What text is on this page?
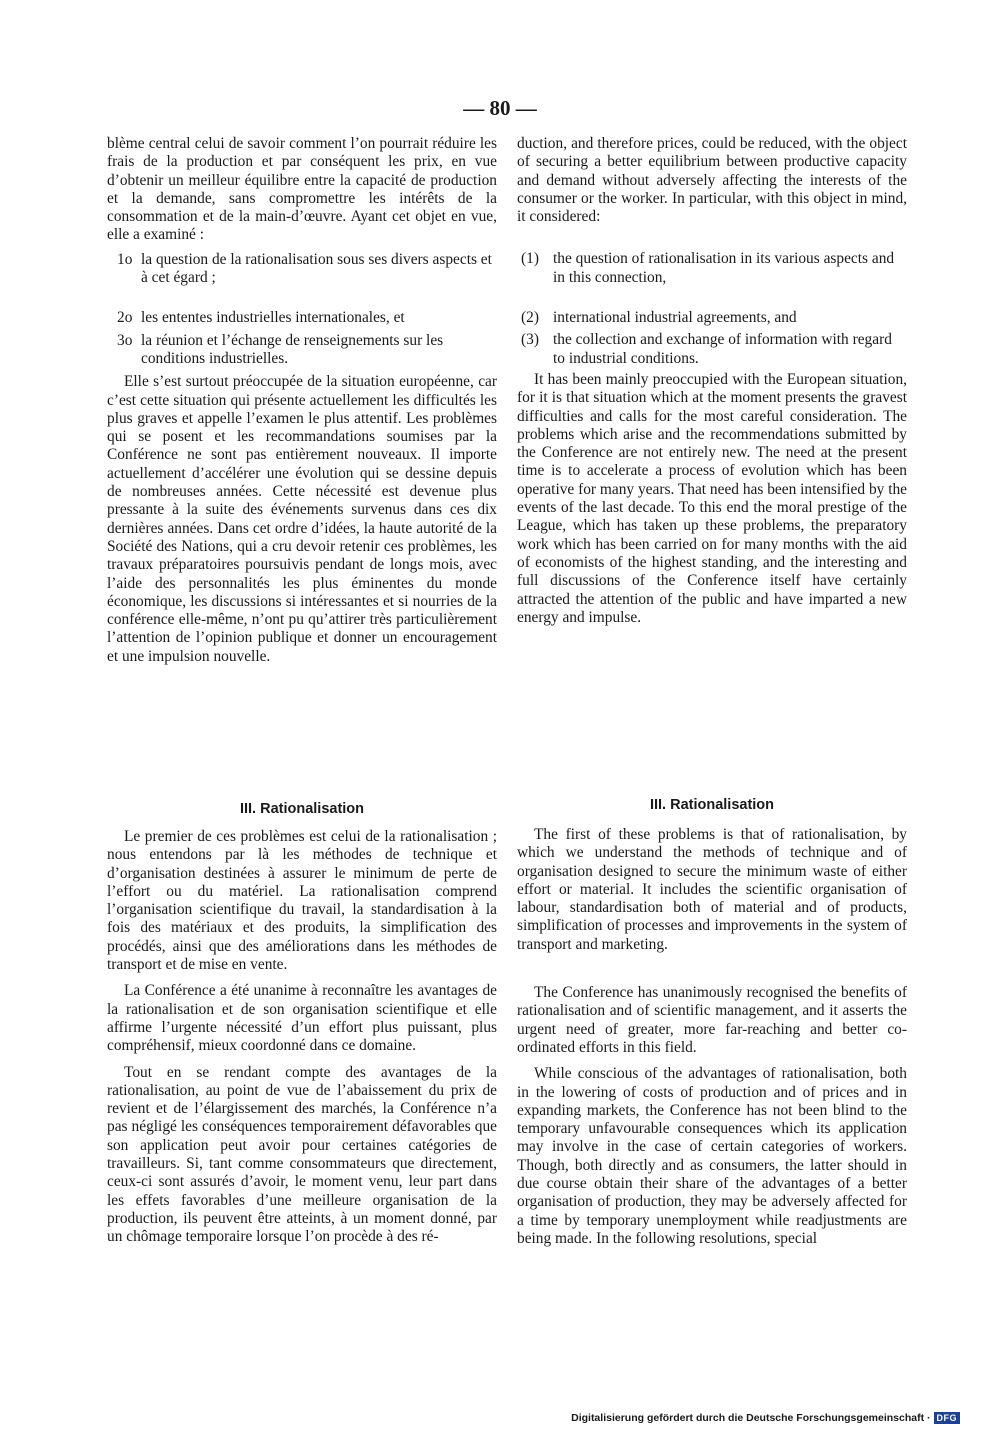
— 80 —

blème central celui de savoir comment l’on pourrait réduire les frais de la production et par conséquent les prix, en vue d’obtenir un meilleur équilibre entre la capacité de production et la demande, sans compromettre les intérêts de la consommation et de la main-d’œuvre. Ayant cet objet en vue, elle a examiné :

1o la question de la rationalisation sous ses divers aspects et à cet égard ;
2o les ententes industrielles internationales, et
3o la réunion et l’échange de renseignements sur les conditions industrielles.

Elle s’est surtout préoccupée de la situation européenne, car c’est cette situation qui présente actuellement les difficultés les plus graves et appelle l’examen le plus attentif. Les problèmes qui se posent et les recommandations soumises par la Conférence ne sont pas entièrement nouveaux. Il importe actuellement d’accélérer une évolution qui se dessine depuis de nombreuses années. Cette nécessité est devenue plus pressante à la suite des événements survenus dans ces dix dernières années. Dans cet ordre d’idées, la haute autorité de la Société des Nations, qui a cru devoir retenir ces problèmes, les travaux préparatoires poursuivis pendant de longs mois, avec l’aide des personnalités les plus éminentes du monde économique, les discussions si intéressantes et si nourries de la conférence elle-même, n’ont pu qu’attirer très particulièrement l’attention de l’opinion publique et donner un encouragement et une impulsion nouvelle.

duction, and therefore prices, could be reduced, with the object of securing a better equilibrium between productive capacity and demand without adversely affecting the interests of the consumer or the worker. In particular, with this object in mind, it considered:

(1) the question of rationalisation in its various aspects and in this connection,
(2) international industrial agreements, and
(3) the collection and exchange of information with regard to industrial conditions.

It has been mainly preoccupied with the European situation, for it is that situation which at the moment presents the gravest difficulties and calls for the most careful consideration. The problems which arise and the recommendations submitted by the Conference are not entirely new. The need at the present time is to accelerate a process of evolution which has been operative for many years. That need has been intensified by the events of the last decade. To this end the moral prestige of the League, which has taken up these problems, the preparatory work which has been carried on for many months with the aid of economists of the highest standing, and the interesting and full discussions of the Conference itself have certainly attracted the attention of the public and have imparted a new energy and impulse.

III. Rationalisation	III. Rationalisation

Le premier de ces problèmes est celui de la rationalisation ; nous entendons par là les méthodes de technique et d’organisation destinées à assurer le minimum de perte de l’effort ou du matériel. La rationalisation comprend l’organisation scientifique du travail, la standardisation à la fois des matériaux et des produits, la simplification des procédés, ainsi que des améliorations dans les méthodes de transport et de mise en vente.

La Conférence a été unanime à reconnaître les avantages de la rationalisation et de son organisation scientifique et elle affirme l’urgente nécessité d’un effort plus puissant, plus compréhensif, mieux coordonné dans ce domaine.

Tout en se rendant compte des avantages de la rationalisation, au point de vue de l’abaissement du prix de revient et de l’élargissement des marchés, la Conférence n’a pas négligé les conséquences temporairement défavorables que son application peut avoir pour certaines catégories de travailleurs. Si, tant comme consommateurs que directement, ceux-ci sont assurés d’avoir, le moment venu, leur part dans les effets favorables d’une meilleure organisation de la production, ils peuvent être atteints, à un moment donné, par un chômage temporaire lorsque l’on procède à des ré-

The first of these problems is that of rationalisation, by which we understand the methods of technique and of organisation designed to secure the minimum waste of either effort or material. It includes the scientific organisation of labour, standardisation both of material and of products, simplification of processes and improvements in the system of transport and marketing.

The Conference has unanimously recognised the benefits of rationalisation and of scientific management, and it asserts the urgent need of greater, more far-reaching and better co-ordinated efforts in this field.

While conscious of the advantages of rationalisation, both in the lowering of costs of production and of prices and in expanding markets, the Conference has not been blind to the temporary unfavourable consequences which its application may involve in the case of certain categories of workers. Though, both directly and as consumers, the latter should in due course obtain their share of the advantages of a better organisation of production, they may be adversely affected for a time by temporary unemployment while readjustments are being made. In the following resolutions, special

Digitalisierung gefördert durch die Deutsche Forschungsgemeinschaft · DFG
